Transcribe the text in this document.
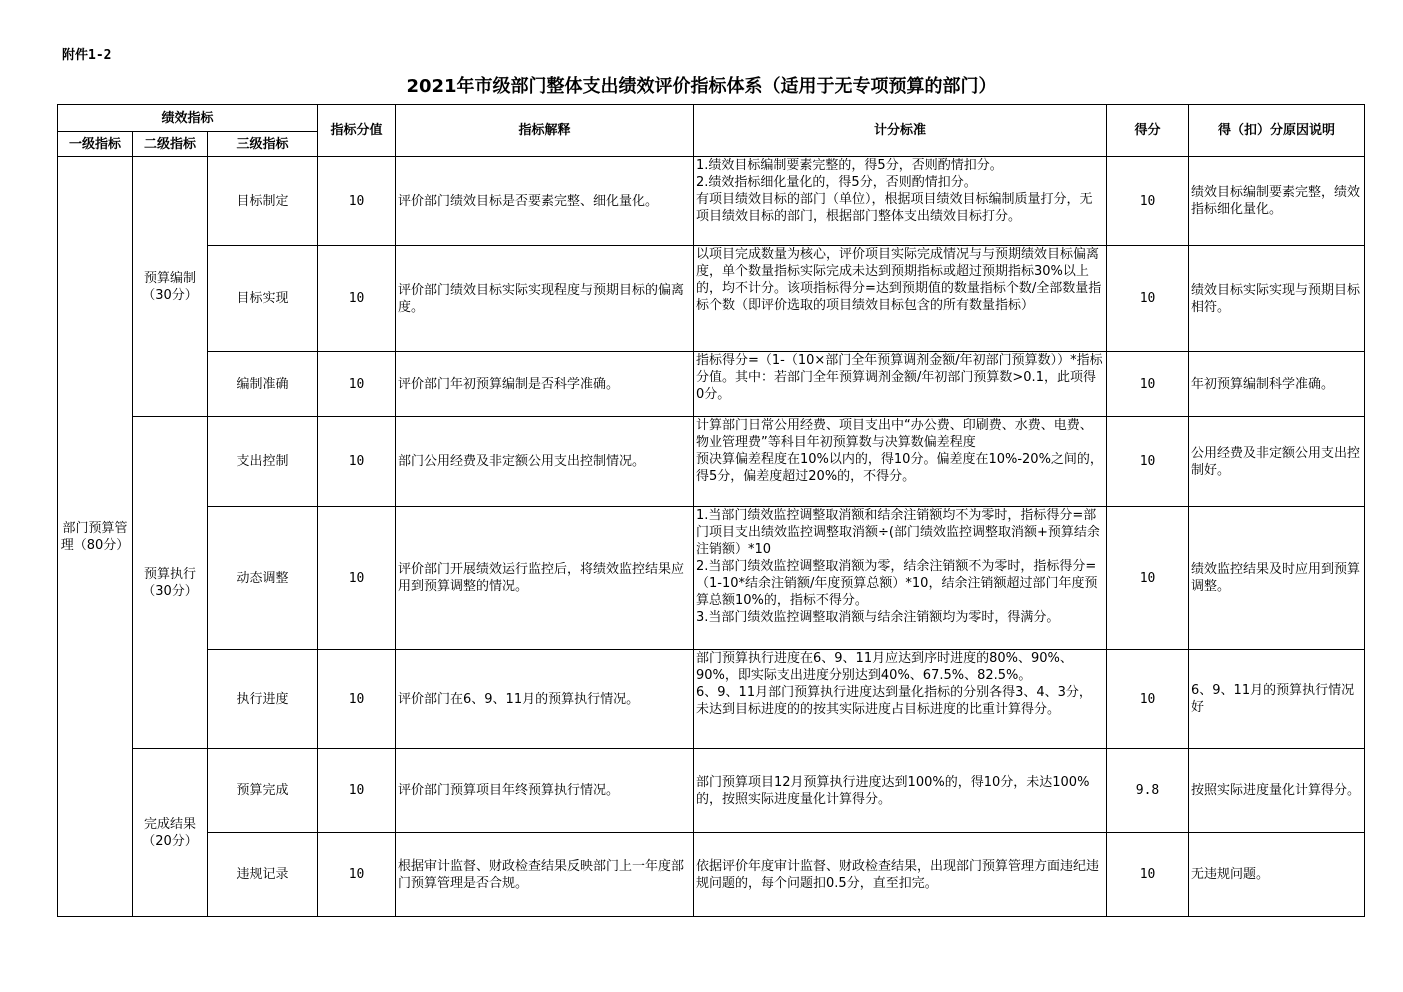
附件1-2
2021年市级部门整体支出绩效评价指标体系（适用于无专项预算的部门）
绩效指标			指标分值	指标解释	计分标准	得分	得（扣）分原因说明
一级指标	二级指标	三级指标					
部门预算管理（80分）	预算编制（30分）	目标制定	10	评价部门绩效目标是否要素完整、细化量化。	1.绩效目标编制要素完整的，得5分，否则酌情扣分。
2.绩效指标细化量化的，得5分，否则酌情扣分。
有项目绩效目标的部门（单位），根据项目绩效目标编制质量打分，无项目绩效目标的部门，根据部门整体支出绩效目标打分。	10	绩效目标编制要素完整，绩效指标细化量化。
		目标实现	10	评价部门绩效目标实际实现程度与预期目标的偏离度。	以项目完成数量为核心，评价项目实际完成情况与与预期绩效目标偏离度，单个数量指标实际完成未达到预期指标或超过预期指标30%以上的，均不计分。该项指标得分=达到预期值的数量指标个数/全部数量指标个数（即评价选取的项目绩效目标包含的所有数量指标）	10	绩效目标实际实现与预期目标相符。
		编制准确	10	评价部门年初预算编制是否科学准确。	指标得分=（1-（10×部门全年预算调剂金额/年初部门预算数））*指标分值。其中：若部门全年预算调剂金额/年初部门预算数>0.1，此项得0分。	10	年初预算编制科学准确。
	预算执行（30分）	支出控制	10	部门公用经费及非定额公用支出控制情况。	计算部门日常公用经费、项目支出中“办公费、印刷费、水费、电费、物业管理费”等科目年初预算数与决算数偏差程度
预决算偏差程度在10%以内的，得10分。偏差度在10%-20%之间的，得5分，偏差度超过20%的，不得分。	10	公用经费及非定额公用支出控制好。
		动态调整	10	评价部门开展绩效运行监控后，将绩效监控结果应用到预算调整的情况。	1.当部门绩效监控调整取消额和结余注销额均不为零时，指标得分=部门项目支出绩效监控调整取消额÷(部门绩效监控调整取消额+预算结余注销额）*10
2.当部门绩效监控调整取消额为零，结余注销额不为零时，指标得分=（1-10*结余注销额/年度预算总额）*10，结余注销额超过部门年度预算总额10%的，指标不得分。
3.当部门绩效监控调整取消额与结余注销额均为零时，得满分。	10	绩效监控结果及时应用到预算调整。
		执行进度	10	评价部门在6、9、11月的预算执行情况。	部门预算执行进度在6、9、11月应达到序时进度的80%、90%、90%，即实际支出进度分别达到40%、67.5%、82.5%。
6、9、11月部门预算执行进度达到量化指标的分别各得3、4、3分，未达到目标进度的的按其实际进度占目标进度的比重计算得分。	10	6、9、11月的预算执行情况好
	完成结果（20分）	预算完成	10	评价部门预算项目年终预算执行情况。	部门预算项目12月预算执行进度达到100%的，得10分，未达100%的，按照实际进度量化计算得分。	9.8	按照实际进度量化计算得分。
		违规记录	10	根据审计监督、财政检查结果反映部门上一年度部门预算管理是否合规。	依据评价年度审计监督、财政检查结果，出现部门预算管理方面违纪违规问题的，每个问题扣0.5分，直至扣完。	10	无违规问题。
